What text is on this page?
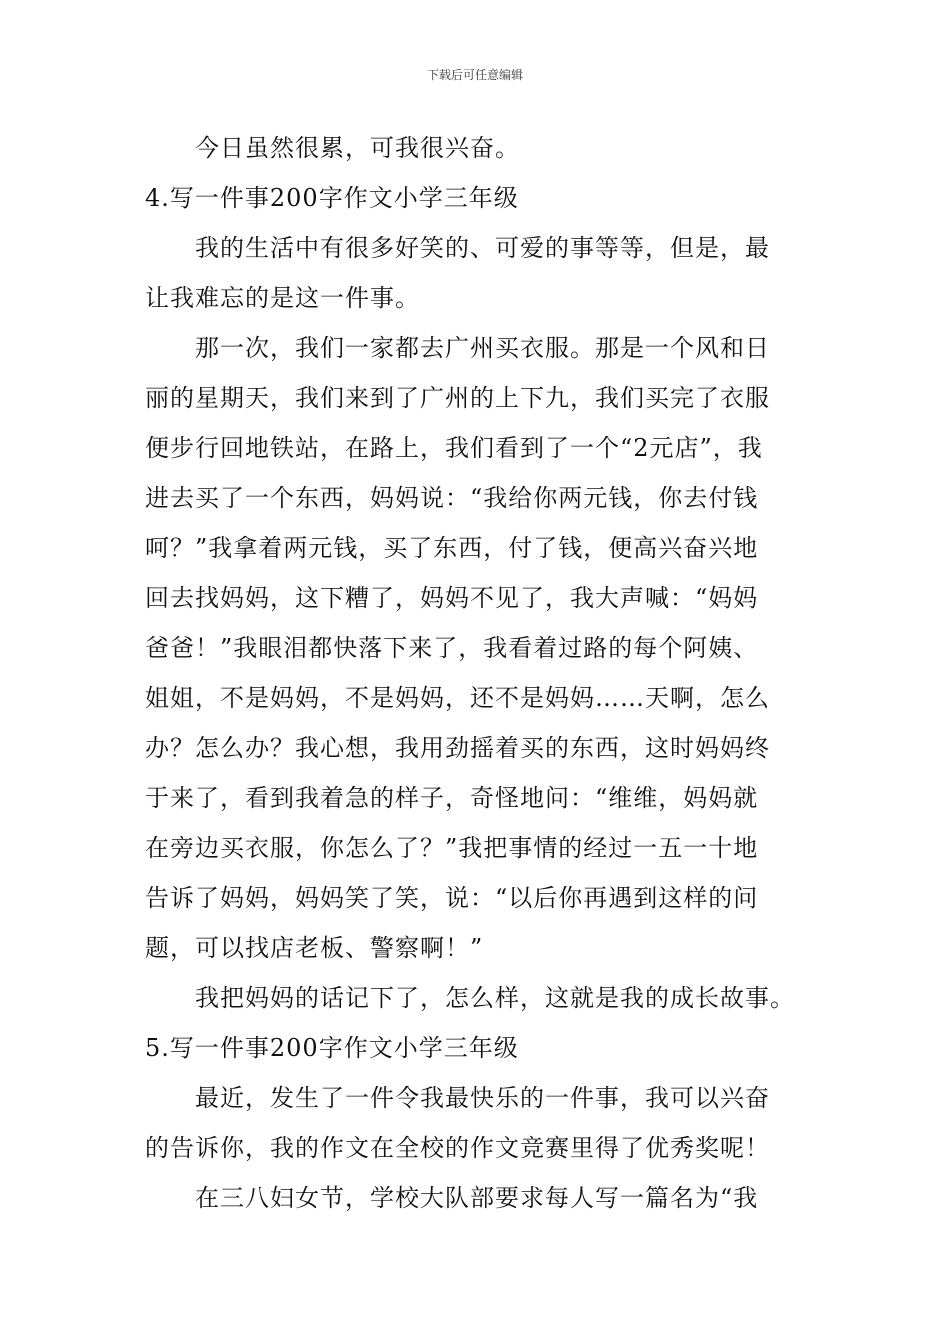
下载后可任意编辑
今日虽然很累，可我很兴奋。
4.写一件事200字作文小学三年级
我的生活中有很多好笑的、可爱的事等等，但是，最
让我难忘的是这一件事。
那一次，我们一家都去广州买衣服。那是一个风和日
丽的星期天，我们来到了广州的上下九，我们买完了衣服
便步行回地铁站，在路上，我们看到了一个“2元店”，我
进去买了一个东西，妈妈说：“我给你两元钱，你去付钱
呵？”我拿着两元钱，买了东西，付了钱，便高兴奋兴地
回去找妈妈，这下糟了，妈妈不见了，我大声喊：“妈妈
爸爸！”我眼泪都快落下来了，我看着过路的每个阿姨、
姐姐，不是妈妈，不是妈妈，还不是妈妈……天啊，怎么
办？怎么办？我心想，我用劲摇着买的东西，这时妈妈终
于来了，看到我着急的样子，奇怪地问：“维维，妈妈就
在旁边买衣服，你怎么了？”我把事情的经过一五一十地
告诉了妈妈，妈妈笑了笑，说：“以后你再遇到这样的问
题，可以找店老板、警察啊！”
我把妈妈的话记下了，怎么样，这就是我的成长故事。
5.写一件事200字作文小学三年级
最近，发生了一件令我最快乐的一件事，我可以兴奋
的告诉你，我的作文在全校的作文竞赛里得了优秀奖呢！
在三八妇女节，学校大队部要求每人写一篇名为“我
